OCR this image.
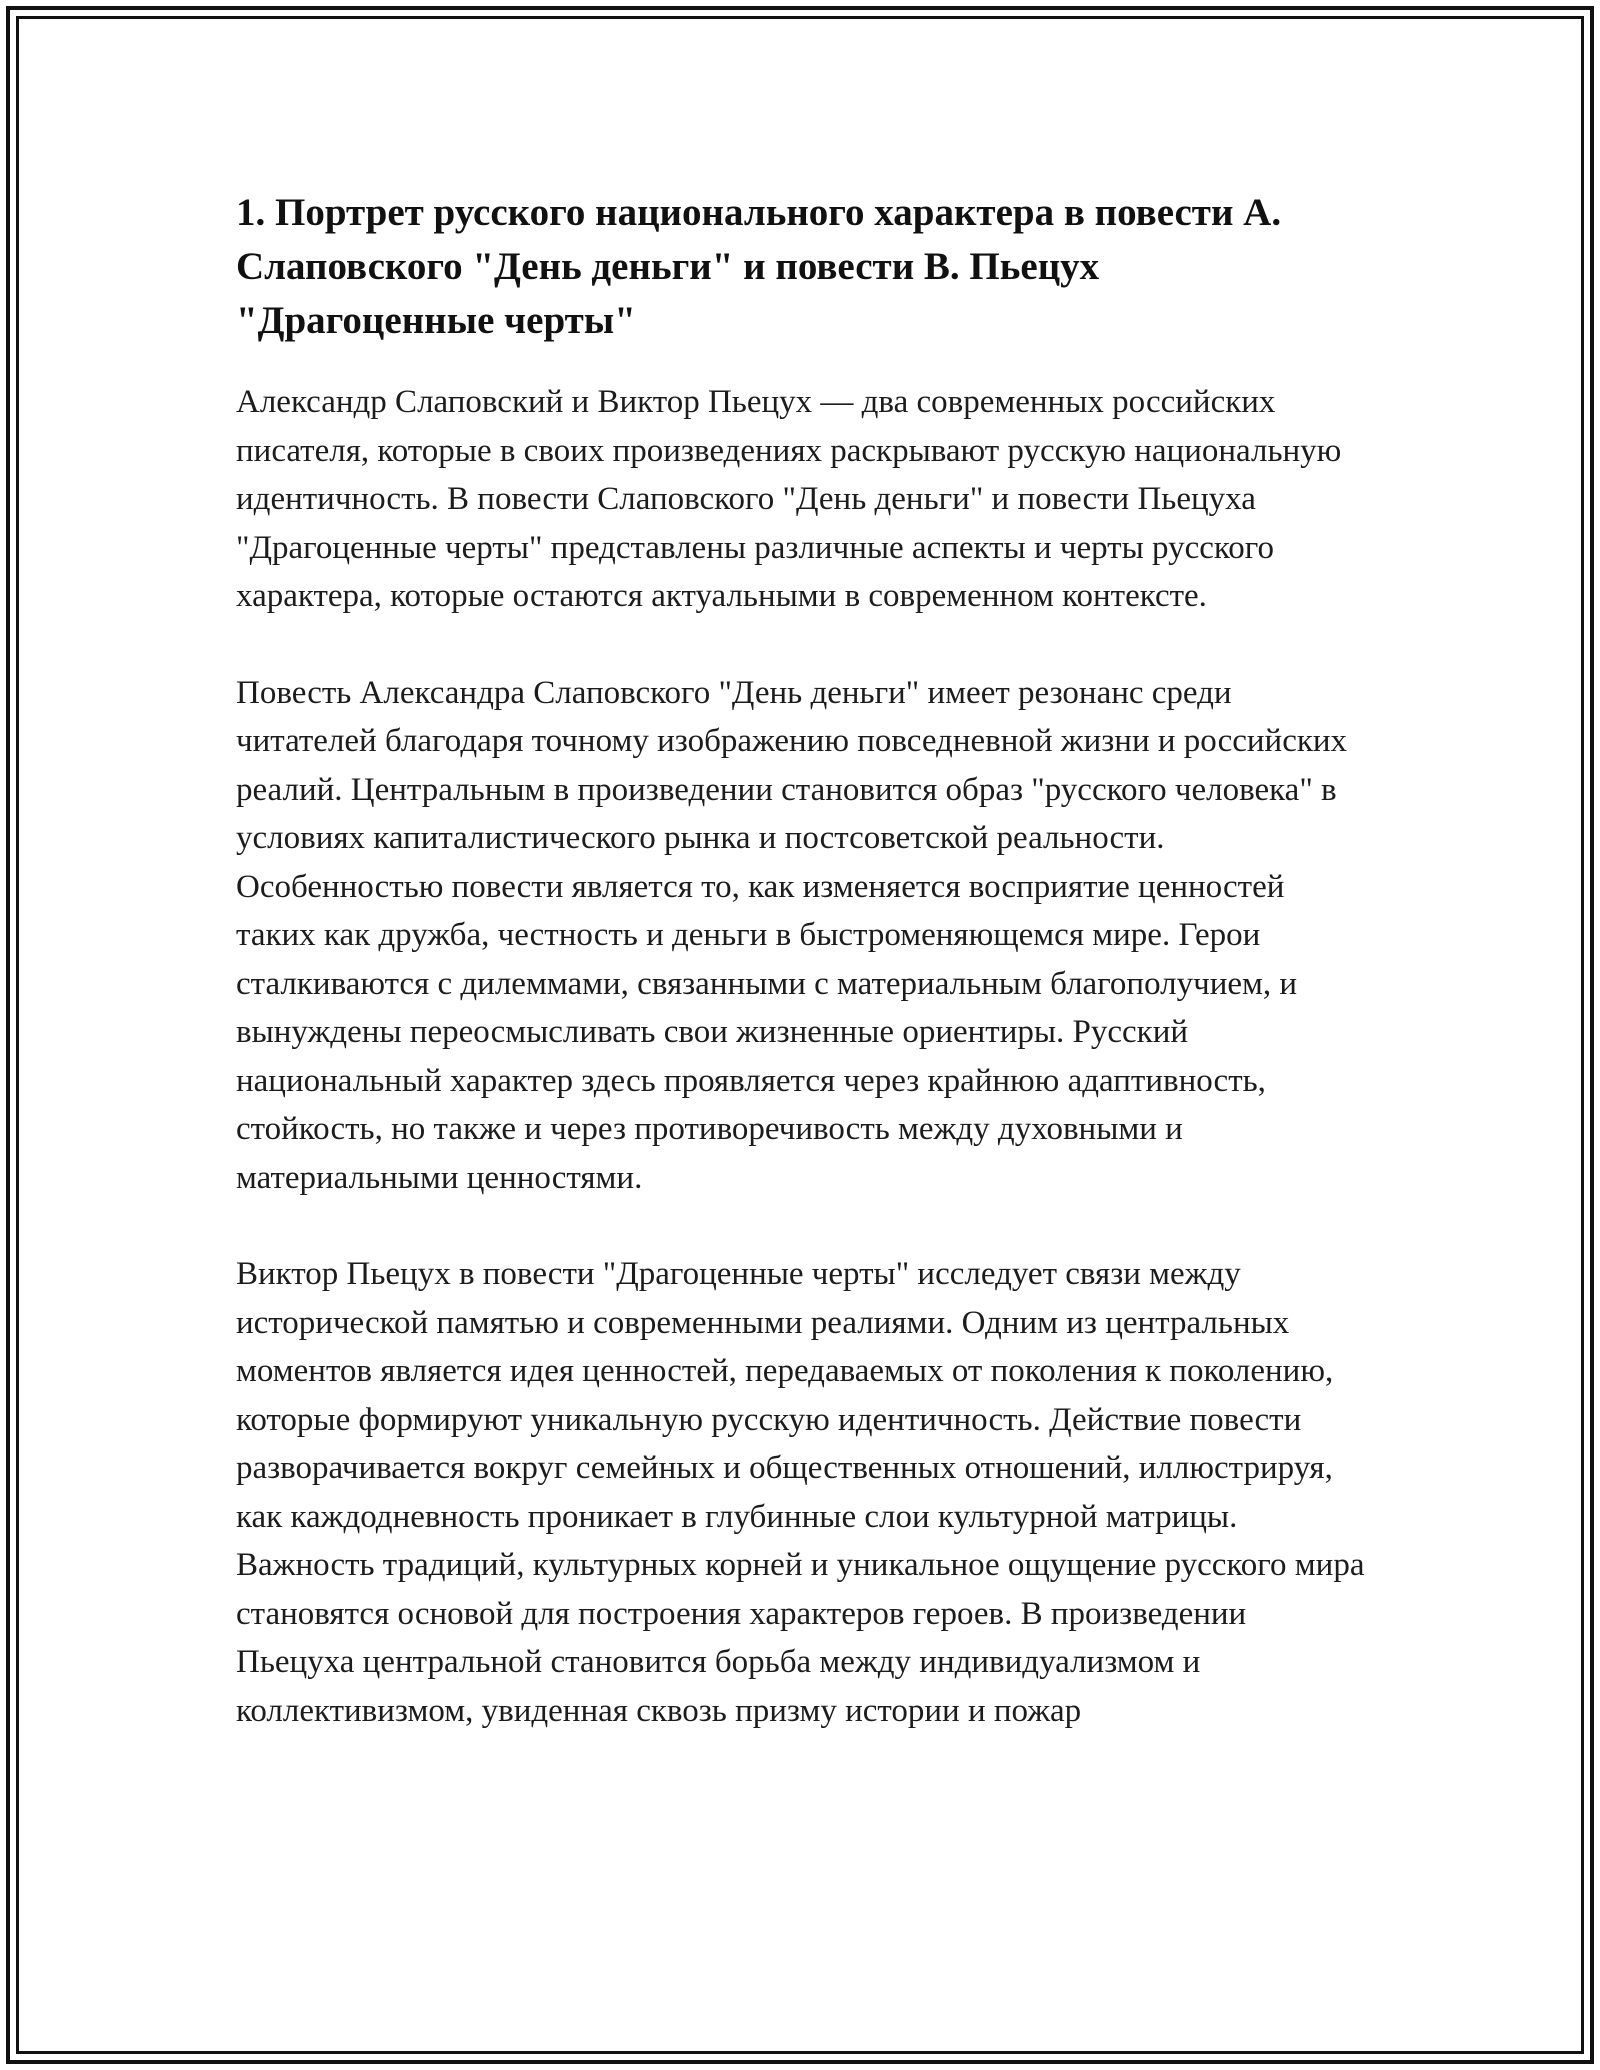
1. Портрет русского национального характера в повести А. Слаповского "День деньги" и повести В. Пьецух "Драгоценные черты"

Александр Слаповский и Виктор Пьецух — два современных российских писателя, которые в своих произведениях раскрывают русскую национальную идентичность. В повести Слаповского "День деньги" и повести Пьецуха "Драгоценные черты" представлены различные аспекты и черты русского характера, которые остаются актуальными в современном контексте.

Повесть Александра Слаповского "День деньги" имеет резонанс среди читателей благодаря точному изображению повседневной жизни и российских реалий. Центральным в произведении становится образ "русского человека" в условиях капиталистического рынка и постсоветской реальности. Особенностью повести является то, как изменяется восприятие ценностей таких как дружба, честность и деньги в быстроменяющемся мире. Герои сталкиваются с дилеммами, связанными с материальным благополучием, и вынуждены переосмысливать свои жизненные ориентиры. Русский национальный характер здесь проявляется через крайнюю адаптивность, стойкость, но также и через противоречивость между духовными и материальными ценностями.

Виктор Пьецух в повести "Драгоценные черты" исследует связи между исторической памятью и современными реалиями. Одним из центральных моментов является идея ценностей, передаваемых от поколения к поколению, которые формируют уникальную русскую идентичность. Действие повести разворачивается вокруг семейных и общественных отношений, иллюстрируя, как каждодневность проникает в глубинные слои культурной матрицы. Важность традиций, культурных корней и уникальное ощущение русского мира становятся основой для построения характеров героев. В произведении Пьецуха центральной становится борьба между индивидуализмом и коллективизмом, увиденная сквозь призму истории и пожар
